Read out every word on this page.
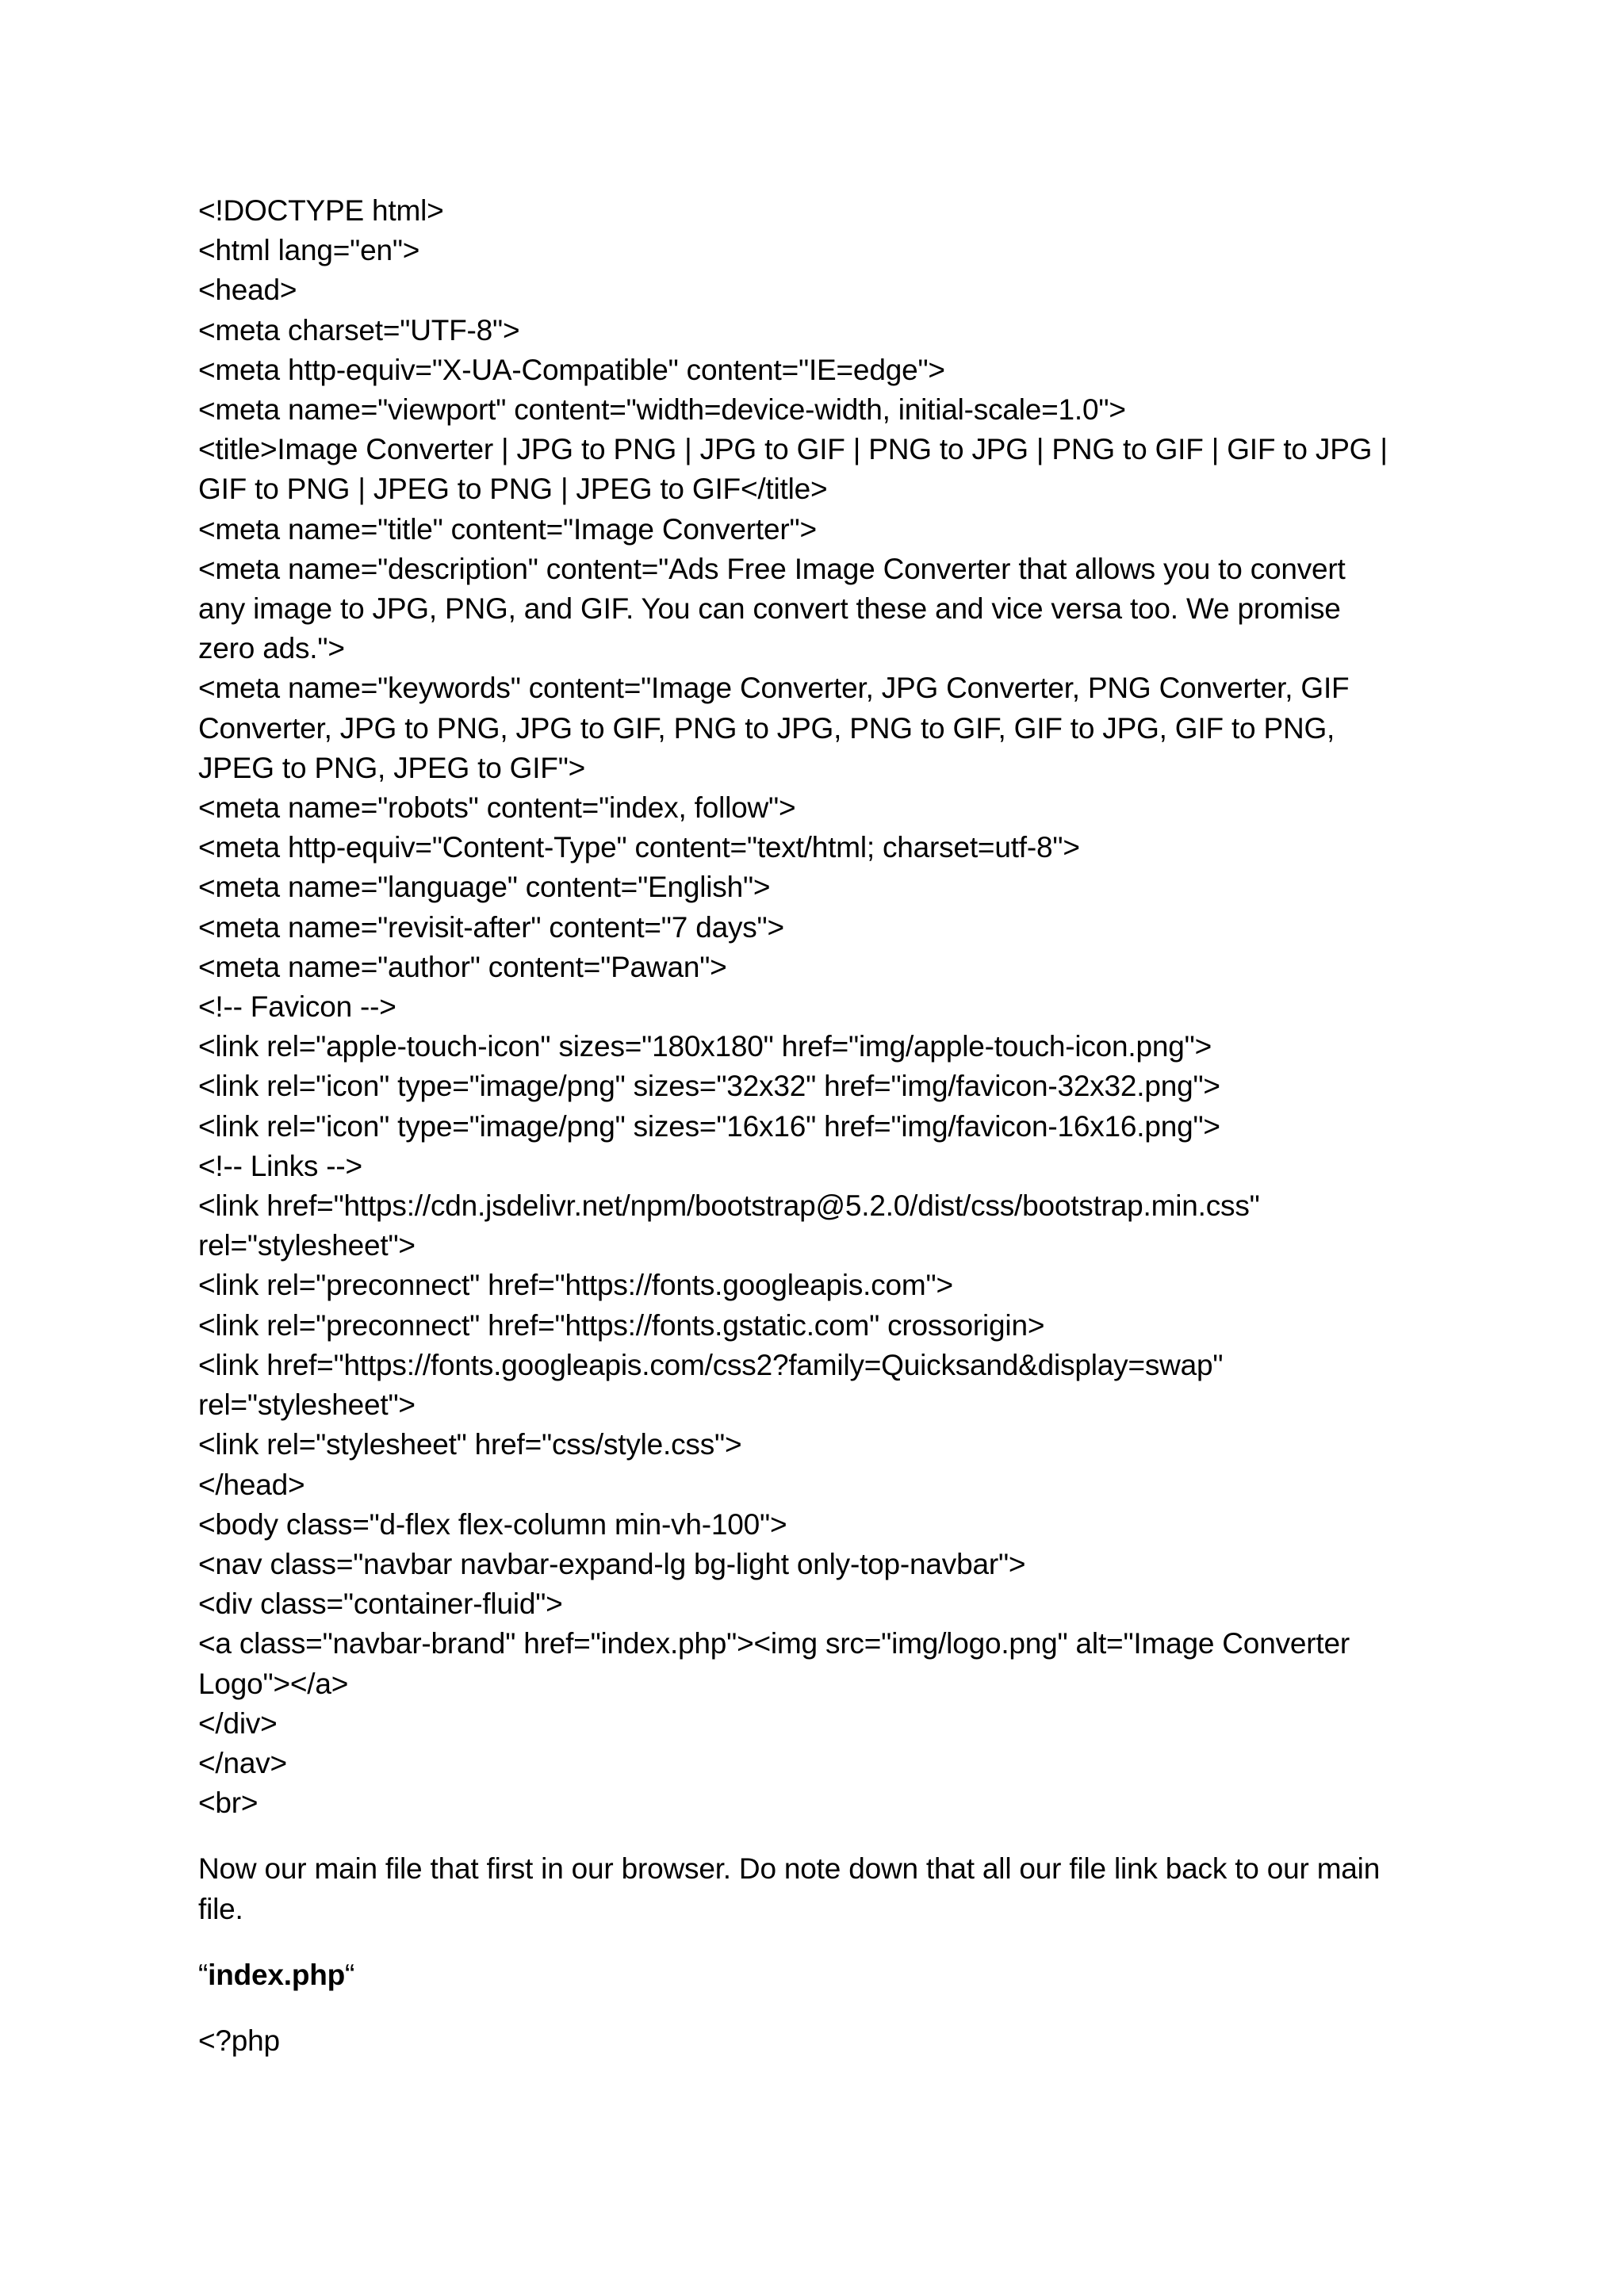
<!DOCTYPE html>
<html lang="en">
<head>
<meta charset="UTF-8">
<meta http-equiv="X-UA-Compatible" content="IE=edge">
<meta name="viewport" content="width=device-width, initial-scale=1.0">
<title>Image Converter | JPG to PNG | JPG to GIF | PNG to JPG | PNG to GIF | GIF to JPG |
GIF to PNG | JPEG to PNG | JPEG to GIF</title>
<meta name="title" content="Image Converter">
<meta name="description" content="Ads Free Image Converter that allows you to convert
any image to JPG, PNG, and GIF. You can convert these and vice versa too. We promise
zero ads.">
<meta name="keywords" content="Image Converter, JPG Converter, PNG Converter, GIF
Converter, JPG to PNG, JPG to GIF, PNG to JPG, PNG to GIF, GIF to JPG, GIF to PNG,
JPEG to PNG, JPEG to GIF">
<meta name="robots" content="index, follow">
<meta http-equiv="Content-Type" content="text/html; charset=utf-8">
<meta name="language" content="English">
<meta name="revisit-after" content="7 days">
<meta name="author" content="Pawan">
<!-- Favicon -->
<link rel="apple-touch-icon" sizes="180x180" href="img/apple-touch-icon.png">
<link rel="icon" type="image/png" sizes="32x32" href="img/favicon-32x32.png">
<link rel="icon" type="image/png" sizes="16x16" href="img/favicon-16x16.png">
<!-- Links -->
<link href="https://cdn.jsdelivr.net/npm/bootstrap@5.2.0/dist/css/bootstrap.min.css"
rel="stylesheet">
<link rel="preconnect" href="https://fonts.googleapis.com">
<link rel="preconnect" href="https://fonts.gstatic.com" crossorigin>
<link href="https://fonts.googleapis.com/css2?family=Quicksand&display=swap"
rel="stylesheet">
<link rel="stylesheet" href="css/style.css">
</head>
<body class="d-flex flex-column min-vh-100">
<nav class="navbar navbar-expand-lg bg-light only-top-navbar">
<div class="container-fluid">
<a class="navbar-brand" href="index.php"><img src="img/logo.png" alt="Image Converter
Logo"></a>
</div>
</nav>
<br>
Now our main file that first in our browser. Do note down that all our file link back to our main
file.
“index.php“
<?php
